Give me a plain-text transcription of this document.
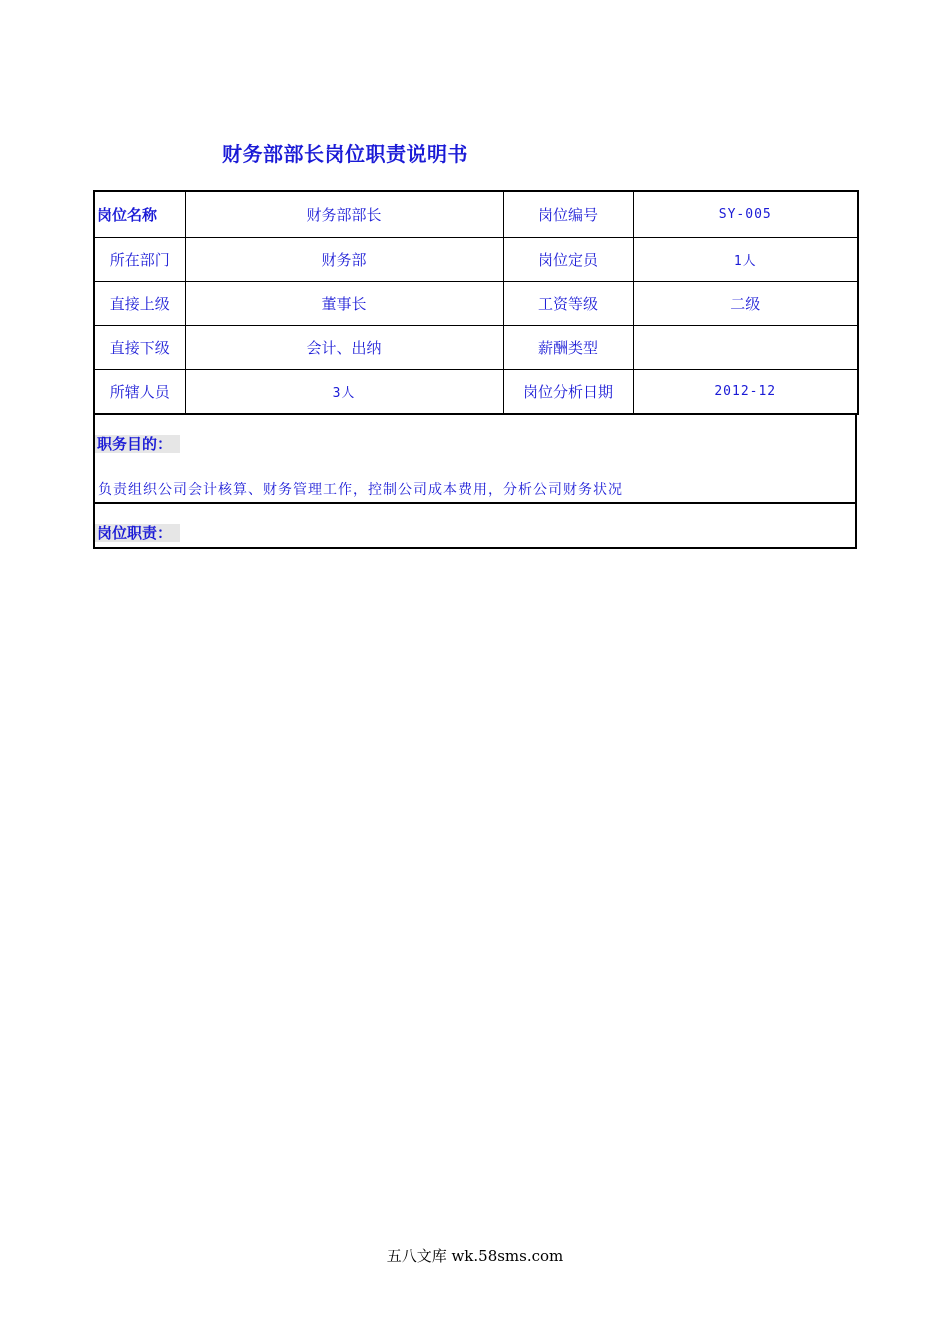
财务部部长岗位职责说明书
岗位名称	财务部部长	岗位编号	SY-005
所在部门	财务部	岗位定员	1人
直接上级	董事长	工资等级	二级
直接下级	会计、出纳	薪酬类型	
所辖人员	3人	岗位分析日期	2012-12
职务目的：
负责组织公司会计核算、财务管理工作，控制公司成本费用，分析公司财务状况
岗位职责：
五八文库 wk.58sms.com
